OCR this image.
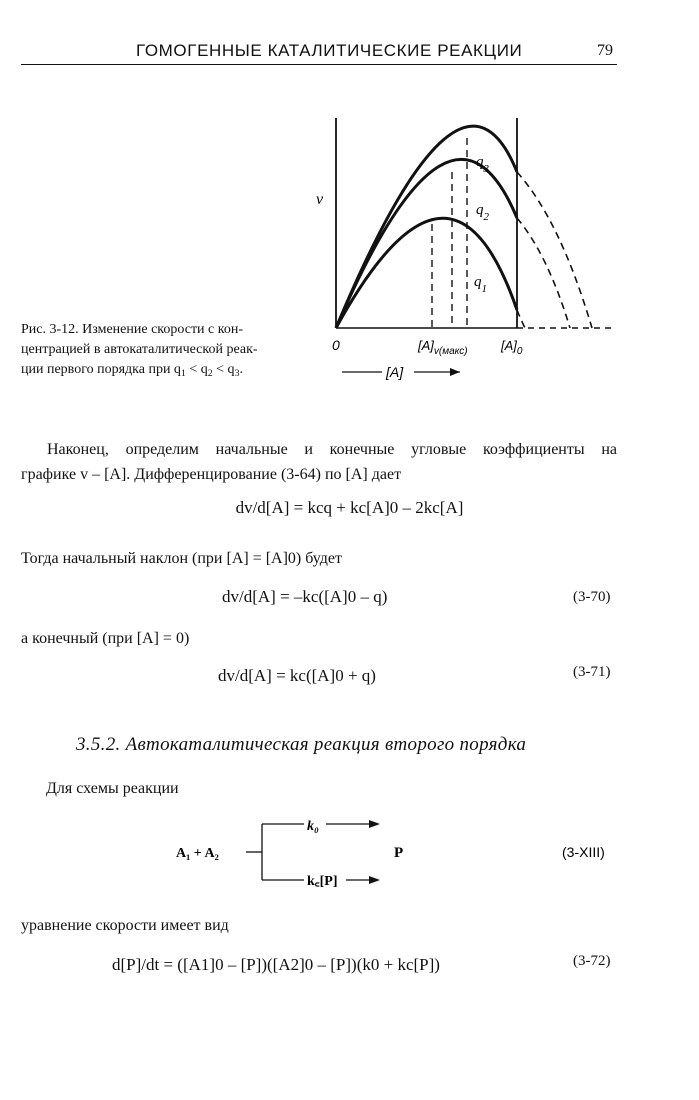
ГОМОГЕННЫЕ КАТАЛИТИЧЕСКИЕ РЕАКЦИИ	79
v
$q_3$
$q_2$
$q_1$
0	$[A]_{v(макс)}$	$[A]_0$
[A]
Рис. 3-12. Изменение скорости с кон-
центрацией в автокаталитической реак-
ции первого порядка при $q_1 < q_2 < q_3$.
Наконец, определим начальные и конечные угловые коэффициенты на
графике v – [A]. Дифференцирование (3-64) по [A] дает
dv/d[A] = k‌cq + kc[A]0 – 2kc[A]
Тогда начальный наклон (при [A] = [A]0) будет
dv/d[A] = –kc([A]0 – q)	(3-70)
а конечный (при [A] = 0)
dv/d[A] = kc([A]0 + q)	(3-71)
3.5.2. Автокаталитическая реакция второго порядка
Для схемы реакции
A₁ + A₂
k₀
k꜀[P]
P	(3-XIII)
уравнение скорости имеет вид
d[P]/dt = ([A1]0 – [P])([A2]0 – [P])(k0 + kc[P])	(3-72)
